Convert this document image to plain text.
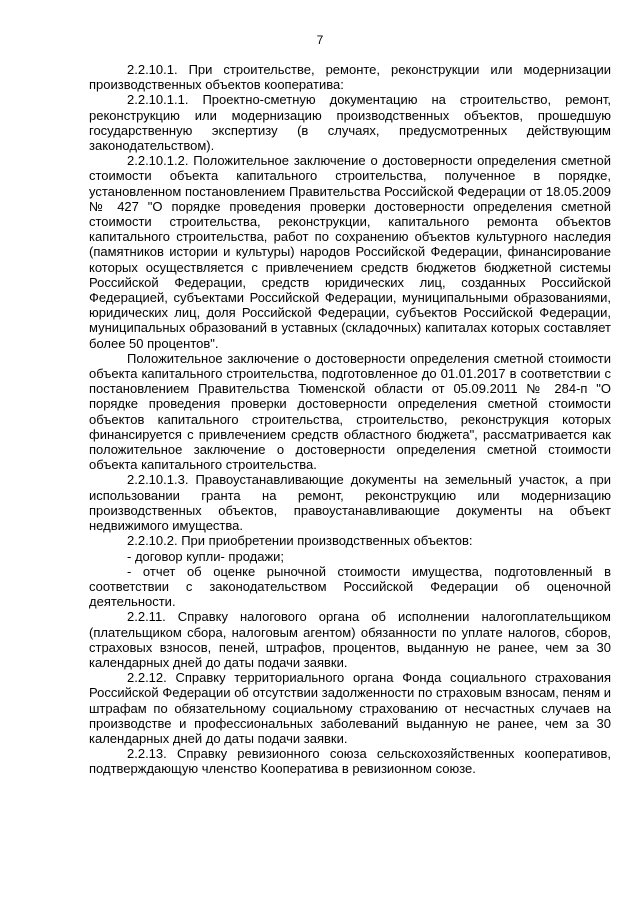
7

2.2.10.1. При строительстве, ремонте, реконструкции или модернизации производственных объектов кооператива:

2.2.10.1.1. Проектно-сметную документацию на строительство, ремонт, реконструкцию или модернизацию производственных объектов, прошедшую государственную экспертизу (в случаях, предусмотренных действующим законодательством).

2.2.10.1.2. Положительное заключение о достоверности определения сметной стоимости объекта капитального строительства, полученное в порядке, установленном постановлением Правительства Российской Федерации от 18.05.2009 № 427 "О порядке проведения проверки достоверности определения сметной стоимости строительства, реконструкции, капитального ремонта объектов капитального строительства, работ по сохранению объектов культурного наследия (памятников истории и культуры) народов Российской Федерации, финансирование которых осуществляется с привлечением средств бюджетов бюджетной системы Российской Федерации, средств юридических лиц, созданных Российской Федерацией, субъектами Российской Федерации, муниципальными образованиями, юридических лиц, доля Российской Федерации, субъектов Российской Федерации, муниципальных образований в уставных (складочных) капиталах которых составляет более 50 процентов".

Положительное заключение о достоверности определения сметной стоимости объекта капитального строительства, подготовленное до 01.01.2017 в соответствии с постановлением Правительства Тюменской области от 05.09.2011 № 284-п "О порядке проведения проверки достоверности определения сметной стоимости объектов капитального строительства, строительство, реконструкция которых финансируется с привлечением средств областного бюджета", рассматривается как положительное заключение о достоверности определения сметной стоимости объекта капитального строительства.

2.2.10.1.3. Правоустанавливающие документы на земельный участок, а при использовании гранта на ремонт, реконструкцию или модернизацию производственных объектов, правоустанавливающие документы на объект недвижимого имущества.

2.2.10.2. При приобретении производственных объектов:

- договор купли- продажи;

- отчет об оценке рыночной стоимости имущества, подготовленный в соответствии с законодательством Российской Федерации об оценочной деятельности.

2.2.11. Справку налогового органа об исполнении налогоплательщиком (плательщиком сбора, налоговым агентом) обязанности по уплате налогов, сборов, страховых взносов, пеней, штрафов, процентов, выданную не ранее, чем за 30 календарных дней до даты подачи заявки.

2.2.12. Справку территориального органа Фонда социального страхования Российской Федерации об отсутствии задолженности по страховым взносам, пеням и штрафам по обязательному социальному страхованию от несчастных случаев на производстве и профессиональных заболеваний выданную не ранее, чем за 30 календарных дней до даты подачи заявки.

2.2.13. Справку ревизионного союза сельскохозяйственных кооперативов, подтверждающую членство Кооператива в ревизионном союзе.
